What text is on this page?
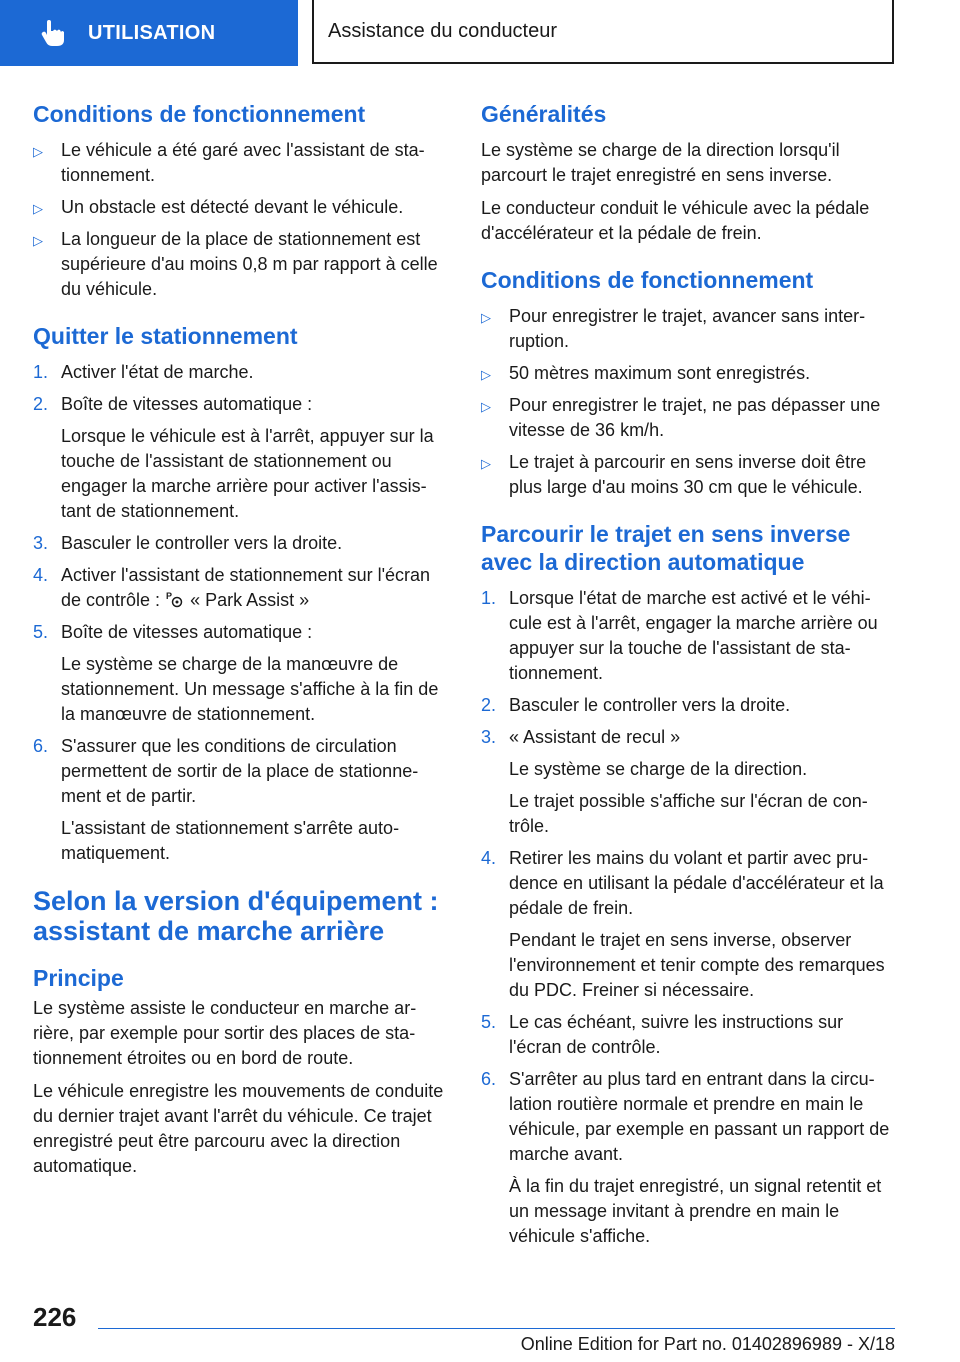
UTILISATION	Assistance du conducteur
Conditions de fonctionnement
▷ Le véhicule a été garé avec l'assistant de stationnement.
▷ Un obstacle est détecté devant le véhicule.
▷ La longueur de la place de stationnement est supérieure d'au moins 0,8 m par rapport à celle du véhicule.
Quitter le stationnement
1. Activer l'état de marche.
2. Boîte de vitesses automatique :
Lorsque le véhicule est à l'arrêt, appuyer sur la touche de l'assistant de stationnement ou engager la marche arrière pour activer l'assistant de stationnement.
3. Basculer le controller vers la droite.
4. Activer l'assistant de stationnement sur l'écran de contrôle : P « Park Assist »
5. Boîte de vitesses automatique :
Le système se charge de la manœuvre de stationnement. Un message s'affiche à la fin de la manœuvre de stationnement.
6. S'assurer que les conditions de circulation permettent de sortir de la place de stationnement et de partir.
L'assistant de stationnement s'arrête automatiquement.
Selon la version d'équipement : assistant de marche arrière
Principe

Le système assiste le conducteur en marche arrière, par exemple pour sortir des places de stationnement étroites ou en bord de route.

Le véhicule enregistre les mouvements de conduite du dernier trajet avant l'arrêt du véhicule. Ce trajet enregistré peut être parcouru avec la direction automatique.

Généralités

Le système se charge de la direction lorsqu'il parcourt le trajet enregistré en sens inverse.

Le conducteur conduit le véhicule avec la pédale d'accélérateur et la pédale de frein.

Conditions de fonctionnement
▷ Pour enregistrer le trajet, avancer sans interruption.
▷ 50 mètres maximum sont enregistrés.
▷ Pour enregistrer le trajet, ne pas dépasser une vitesse de 36 km/h.
▷ Le trajet à parcourir en sens inverse doit être plus large d'au moins 30 cm que le véhicule.
Parcourir le trajet en sens inverse avec la direction automatique
1. Lorsque l'état de marche est activé et le véhicule est à l'arrêt, engager la marche arrière ou appuyer sur la touche de l'assistant de stationnement.
2. Basculer le controller vers la droite.
3. « Assistant de recul »
Le système se charge de la direction.
Le trajet possible s'affiche sur l'écran de contrôle.
4. Retirer les mains du volant et partir avec prudence en utilisant la pédale d'accélérateur et la pédale de frein.
Pendant le trajet en sens inverse, observer l'environnement et tenir compte des remarques du PDC. Freiner si nécessaire.
5. Le cas échéant, suivre les instructions sur l'écran de contrôle.
6. S'arrêter au plus tard en entrant dans la circulation routière normale et prendre en main le véhicule, par exemple en passant un rapport de marche avant.
À la fin du trajet enregistré, un signal retentit et un message invitant à prendre en main le véhicule s'affiche.
226
Online Edition for Part no. 01402896989 - X/18
